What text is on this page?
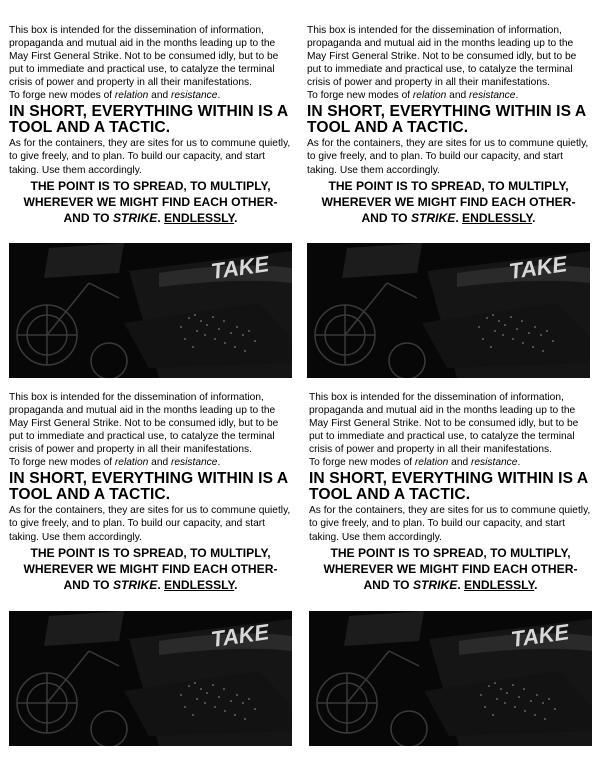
This box is intended for the dissemination of information, propaganda and mutual aid in the months leading up to the May First General Strike. Not to be consumed idly, but to be put to immediate and practical use, to catalyze the terminal crisis of power and property in all their manifestations.
To forge new modes of relation and resistance.

IN SHORT, EVERYTHING WITHIN IS A TOOL AND A TACTIC.

As for the containers, they are sites for us to commune quietly, to give freely, and to plan. To build our capacity, and start taking. Use them accordingly.

THE POINT IS TO SPREAD, TO MULTIPLY, WHEREVER WE MIGHT FIND EACH OTHER- AND TO STRIKE. ENDLESSLY.

TAKE

This box is intended for the dissemination of information, propaganda and mutual aid in the months leading up to the May First General Strike. Not to be consumed idly, but to be put to immediate and practical use, to catalyze the terminal crisis of power and property in all their manifestations.
To forge new modes of relation and resistance.

IN SHORT, EVERYTHING WITHIN IS A TOOL AND A TACTIC.

As for the containers, they are sites for us to commune quietly, to give freely, and to plan. To build our capacity, and start taking. Use them accordingly.

THE POINT IS TO SPREAD, TO MULTIPLY, WHEREVER WE MIGHT FIND EACH OTHER- AND TO STRIKE. ENDLESSLY.

TAKE

This box is intended for the dissemination of information, propaganda and mutual aid in the months leading up to the May First General Strike. Not to be consumed idly, but to be put to immediate and practical use, to catalyze the terminal crisis of power and property in all their manifestations.
To forge new modes of relation and resistance.

IN SHORT, EVERYTHING WITHIN IS A TOOL AND A TACTIC.

As for the containers, they are sites for us to commune quietly, to give freely, and to plan. To build our capacity, and start taking. Use them accordingly.

THE POINT IS TO SPREAD, TO MULTIPLY, WHEREVER WE MIGHT FIND EACH OTHER- AND TO STRIKE. ENDLESSLY.

TAKE

This box is intended for the dissemination of information, propaganda and mutual aid in the months leading up to the May First General Strike. Not to be consumed idly, but to be put to immediate and practical use, to catalyze the terminal crisis of power and property in all their manifestations.
To forge new modes of relation and resistance.

IN SHORT, EVERYTHING WITHIN IS A TOOL AND A TACTIC.

As for the containers, they are sites for us to commune quietly, to give freely, and to plan. To build our capacity, and start taking. Use them accordingly.

THE POINT IS TO SPREAD, TO MULTIPLY, WHEREVER WE MIGHT FIND EACH OTHER- AND TO STRIKE. ENDLESSLY.

TAKE
